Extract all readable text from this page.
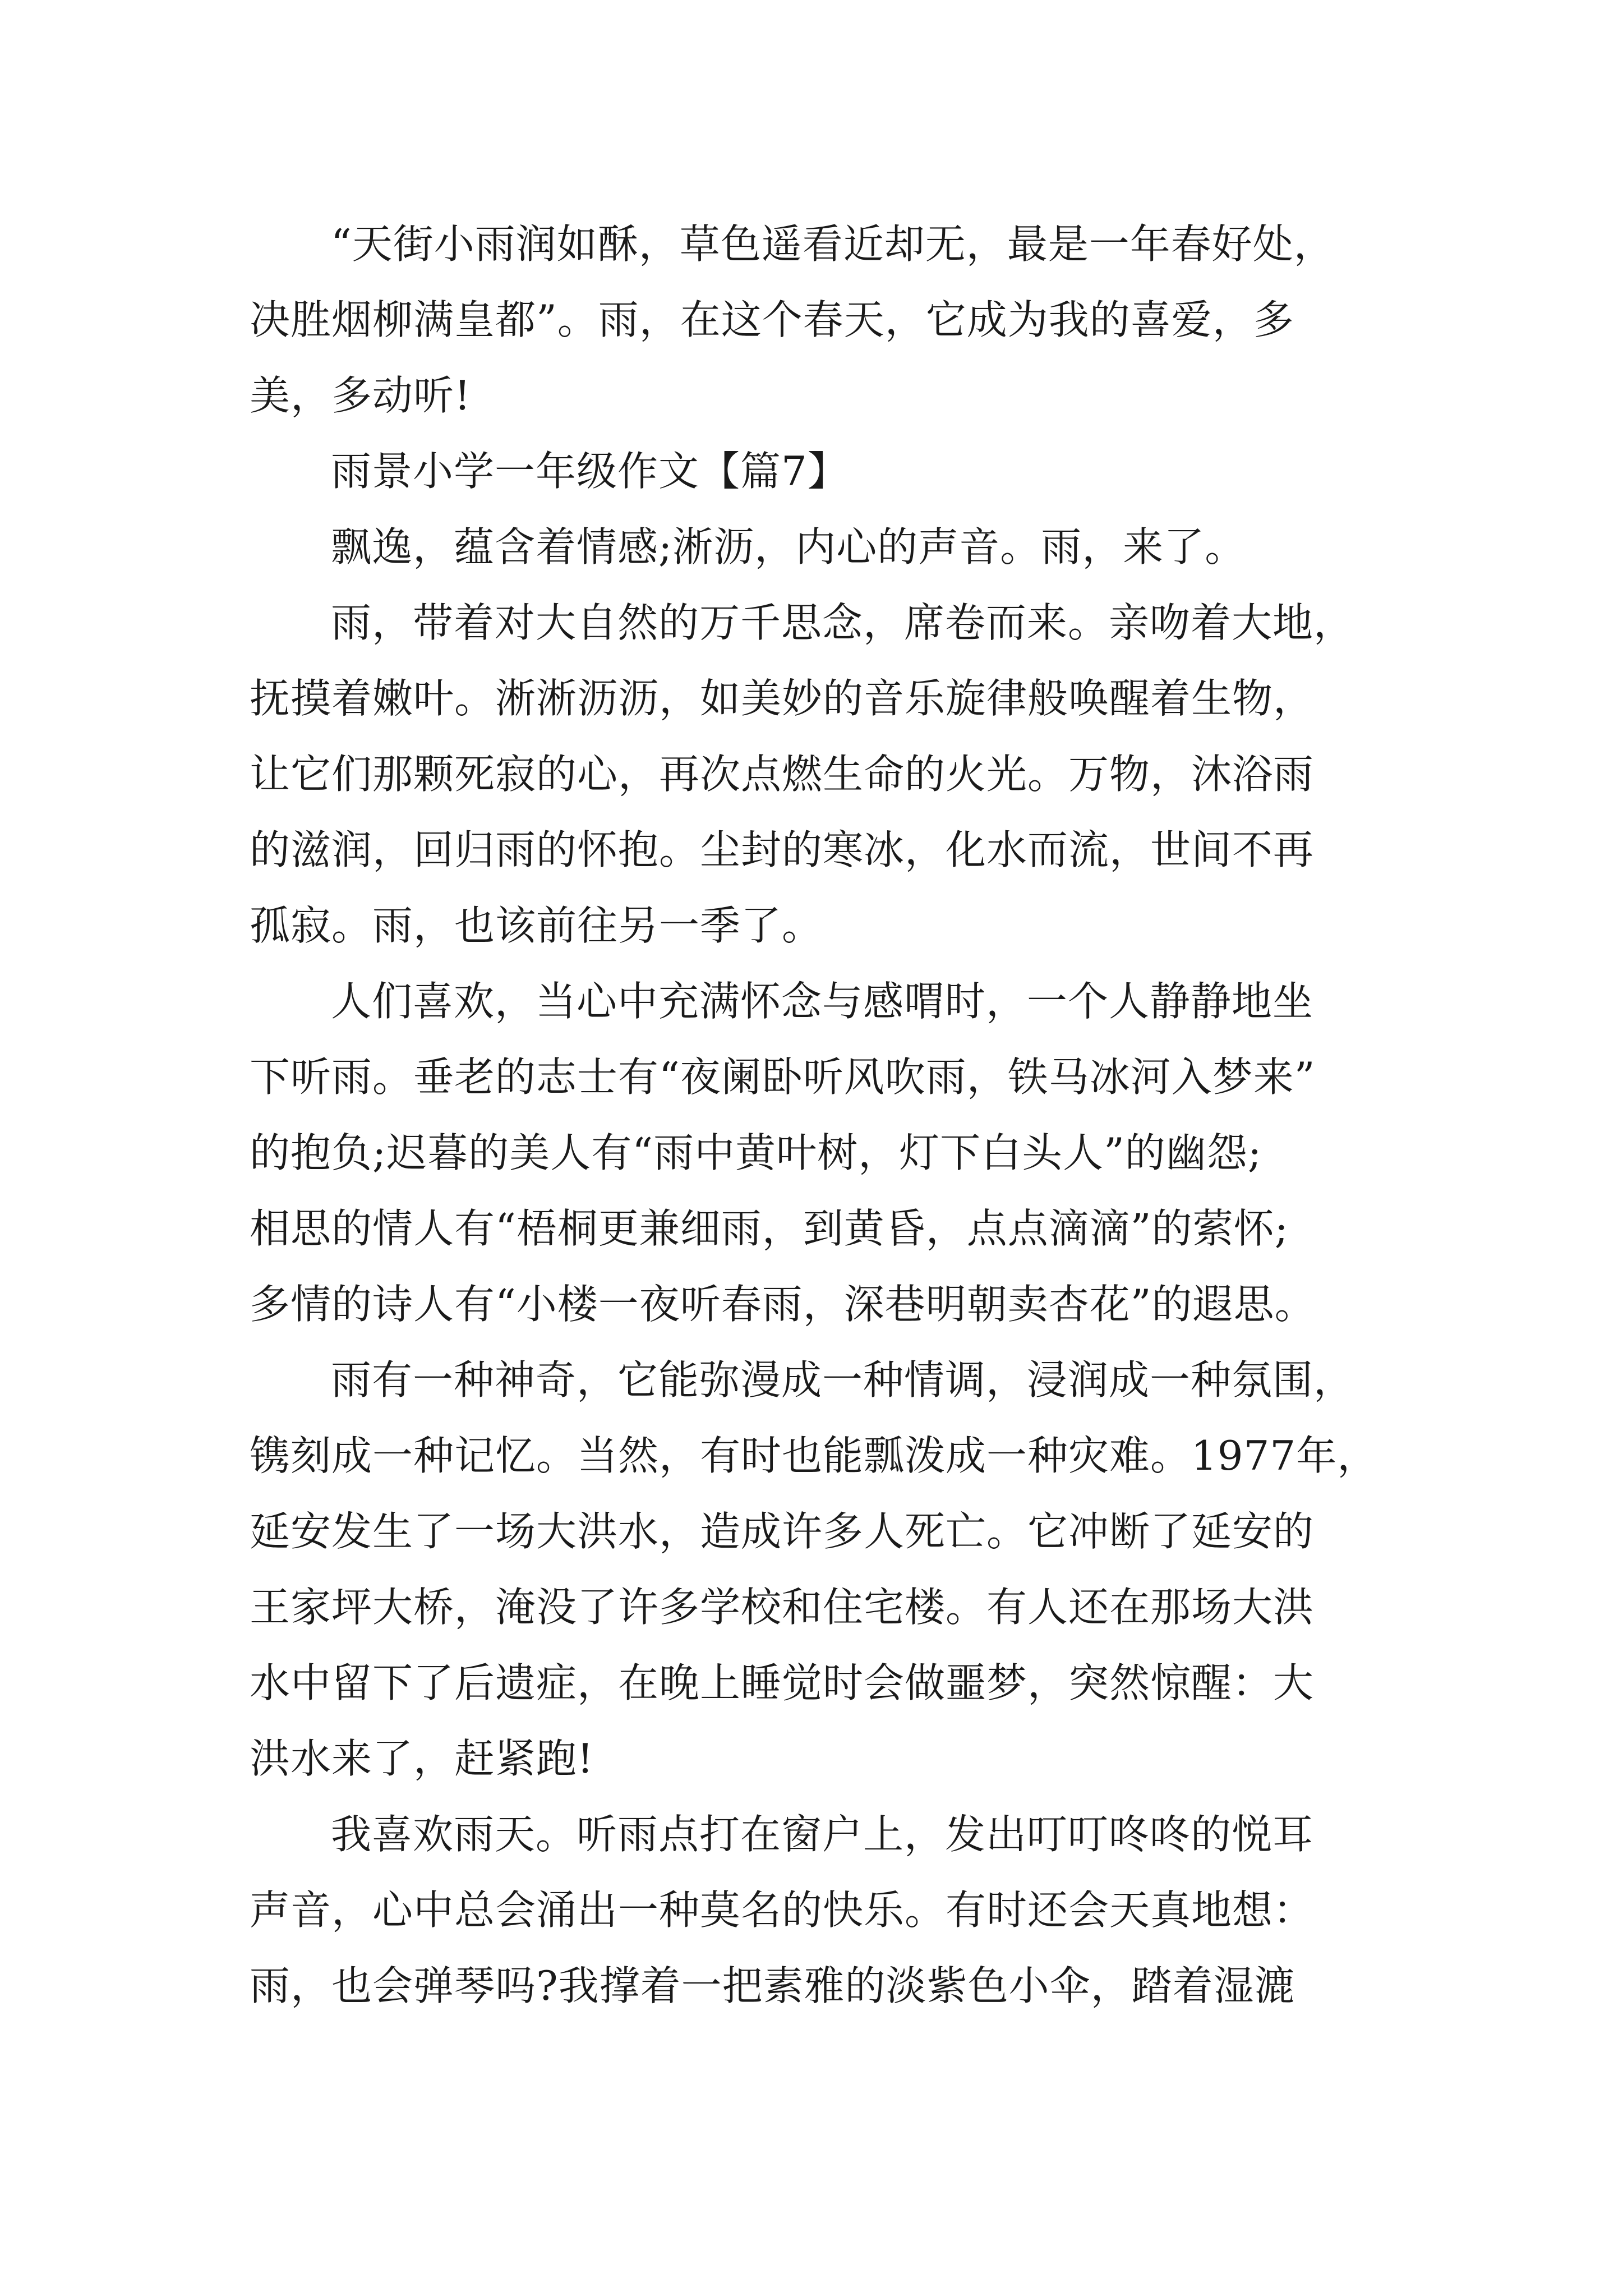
“天街小雨润如酥，草色遥看近却无，最是一年春好处，
决胜烟柳满皇都”。雨，在这个春天，它成为我的喜爱，多
美，多动听!
雨景小学一年级作文【篇7】
飘逸，蕴含着情感;淅沥，内心的声音。雨，来了。
雨，带着对大自然的万千思念，席卷而来。亲吻着大地，
抚摸着嫩叶。淅淅沥沥，如美妙的音乐旋律般唤醒着生物，
让它们那颗死寂的心，再次点燃生命的火光。万物，沐浴雨
的滋润，回归雨的怀抱。尘封的寒冰，化水而流，世间不再
孤寂。雨，也该前往另一季了。
人们喜欢，当心中充满怀念与感喟时，一个人静静地坐
下听雨。垂老的志士有“夜阑卧听风吹雨，铁马冰河入梦来”
的抱负;迟暮的美人有“雨中黄叶树，灯下白头人”的幽怨;
相思的情人有“梧桐更兼细雨，到黄昏，点点滴滴”的萦怀;
多情的诗人有“小楼一夜听春雨，深巷明朝卖杏花”的遐思。
雨有一种神奇，它能弥漫成一种情调，浸润成一种氛围，
镌刻成一种记忆。当然，有时也能瓢泼成一种灾难。1977年，
延安发生了一场大洪水，造成许多人死亡。它冲断了延安的
王家坪大桥，淹没了许多学校和住宅楼。有人还在那场大洪
水中留下了后遗症，在晚上睡觉时会做噩梦，突然惊醒：大
洪水来了，赶紧跑!
我喜欢雨天。听雨点打在窗户上，发出叮叮咚咚的悦耳
声音，心中总会涌出一种莫名的快乐。有时还会天真地想：
雨，也会弹琴吗?我撑着一把素雅的淡紫色小伞，踏着湿漉
